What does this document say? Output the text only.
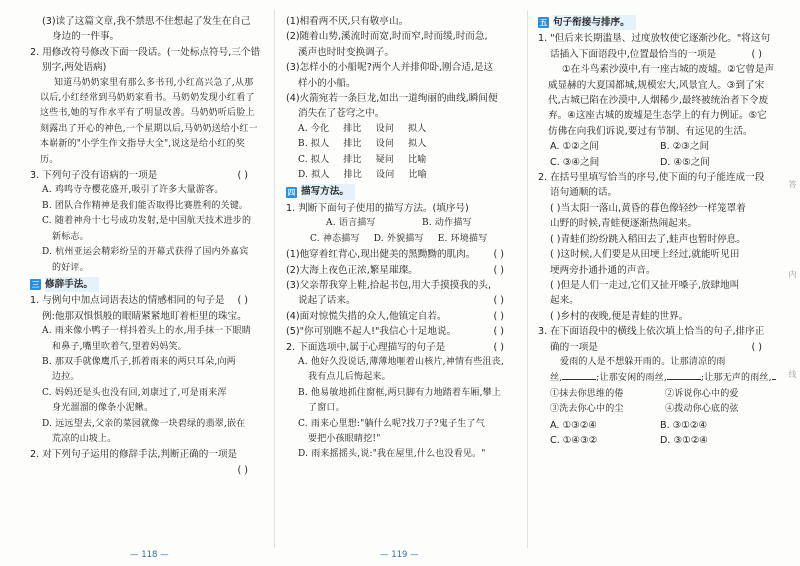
(3)读了这篇文章,我不禁思不住想起了发生在自己
身边的一件事。
2. 用修改符号修改下面一段话。(一处标点符号,三个错
别字,两处语病)
知道马奶奶家里有那么多书刊,小红高兴急了,从那以后,小红经常到马奶奶家看书。马奶奶发现小红看了这些书,她的写作水平有了明显改善。马奶奶听后脸上刻露出了开心的神色,一个星期以后,马奶奶送给小红一本崭新的"小学生作文指导大全",说这是给小红的奖历。
3. 下列句子没有语病的一项是	( )
A. 鸡鸣寺寺樱花盛开,吸引了许多大量游客。
B. 团队合作精神是我们能否取得比赛胜利的关键。
C. 随着神舟十七号成功发射,是中国航天技术进步的
新标志。
D. 杭州亚运会精彩纷呈的开幕式获得了国内外嘉宾
的好评。
三 修辞手法。
1. 与例句中加点词语表达的情感相同的句子是 ( )
例:他那双惧惧般的眼睛紧紧地盯着柜里的珠宝。
A. 雨来像小鸭子一样抖着头上的水,用手抹一下眼睛
和鼻子,嘴里吹着气,望着妈妈笑。
B. 那双手就像鹰爪子,抓着雨来的两只耳朵,向两
边拉。
C. 妈妈还是头也没有回,刘康过了,可是雨来浑
身光溜溜的像条小泥鳅。
D. 远远望去,父亲的菜园就像一块碧绿的翡翠,嵌在
荒凉的山坡上。
2. 对下列句子运用的修辞手法,判断正确的一项是
( )
— 118 —
(1)相看两不厌,只有敬亭山。
(2)随着山势,溪流时而宽,时而窄,时而缓,时而急,
溪声也时时变换调子。
(3)怎样小的小船呢?两个人并排仰卧,刚合适,是这
样小的小船。
(4)火箭宛若一条巨龙,如出一道绚丽的曲线,瞬间便
消失在了苍穹之中。
A. 今化 排比 设问 拟人
B. 拟人 排比 设问 拟人
C. 拟人 排比 疑问 比喻
D. 拟人 排比 设问 比喻
四 描写方法。
1. 判断下面句子使用的描写方法。(填序号)
A. 语言描写	B. 动作描写
C. 神态描写 D. 外貌描写 E. 环境描写
(1)他穿着红背心,现出健美的黑黝黝的肌肉。 ( )
(2)大海上夜色正浓,繁星璀璨。	( )
(3)父亲帮我穿上鞋,拾起书包,用大手摸摸我的头,
说起了话来。	( )
(4)面对惊慌失措的众人,他镇定自若。	( )
(5)"你可别瞧不起人!"我信心十足地说。	( )
2. 下面选项中,属于心理描写的句子是	( )
A. 他好久没说话,薄薄地咂着山核片,神情有些沮丧,
我有点儿后悔起来。
B. 他易敏地抓住窗框,两只脚有力地踏着车厢,攀上
了窗口。
C. 雨来心里想:"躺什么呢?找刀子?鬼子生了气
要把小孩眼睛挖!"
D. 雨来摇摇头,说:"我在屋里,什么也没看见。"
— 119 —
五 句子衔接与排序。
1. "但后来长期滥垦、过度放牧使它逐渐沙化。"将这句
话插入下面语段中,位置最恰当的一项是	( )
①在斗鸟素沙漠中,有一座古城的废墟。②它曾是声威显赫的大夏国都城,规模宏大,风景宜人。③到了宋代,古城已陷在沙漠中,人烟稀少,最终被统治者下令废弃。④这座古城的废墟是生态学上的有力例证。⑤它仿佛在向我们诉说,要过有节制、有远见的生活。
A. ①②之间	B. ②③之间
C. ③④之间	D. ④⑤之间
2. 在括号里填写恰当的序号,使下面的句子能连成一段
语句通顺的话。
( )当太阳一落山,黄昏的暮色像轻纱一样笼罩着
山野的时候,青蛙便逐渐热闹起来。
( )青蛙们纷纷跳入稻田去了,蛙声也暂时停息。
( )这时候,人们要是从田埂上经过,就能听见田
埂两旁扑通扑通的声音。
( )但是人们一走过,它们又扯开嗓子,放肆地叫
起来。
( )乡村的夜晚,便是青蛙的世界。
3. 在下面语段中的横线上依次填上恰当的句子,排序正
确的一项是	( )
爱雨的人是不想躲开雨的。让那清凉的雨
丝,	;让那安闲的雨丝,	;让那无声的雨丝,
①抹去你思维的倦	②诉说你心中的爱
③洗去你心中的尘	④拨动你心底的弦
A. ①③②④	B. ③①②④
C. ①④③②	D. ③①②④
答
内
线
